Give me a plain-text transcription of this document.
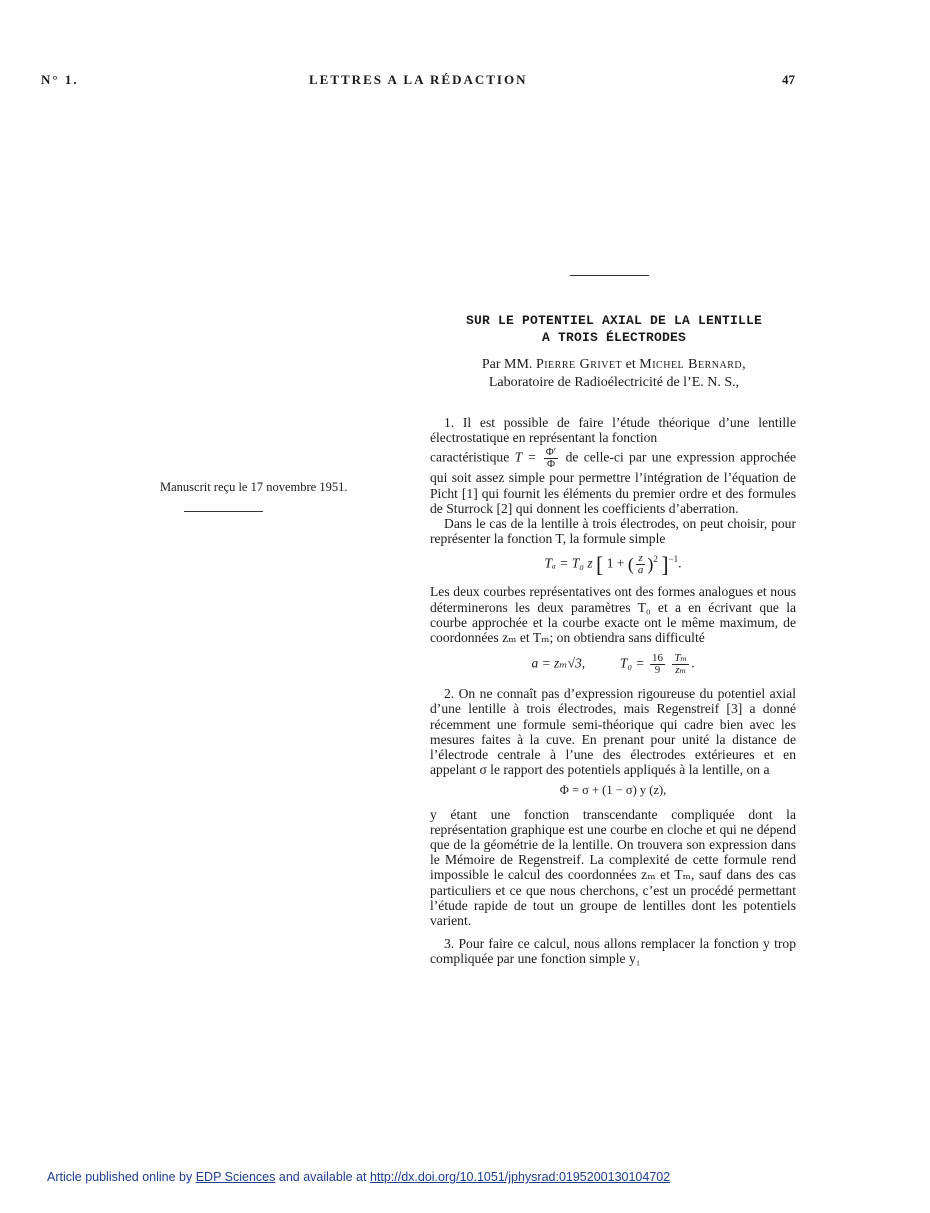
N° 1.	LETTRES A LA RÉDACTION	47
SUR LE POTENTIEL AXIAL DE LA LENTILLE
A TROIS ÉLECTRODES
Par MM. Pierre Grivet et Michel Bernard,
Laboratoire de Radioélectricité de l’E. N. S.,
Manuscrit reçu le 17 novembre 1951.

1. Il est possible de faire l’étude théorique d’une lentille électrostatique en représentant la fonction

caractéristique $T = \frac{\Phi'}{\Phi}$ de celle-ci par une expression approchée qui soit assez simple pour permettre l’intégration de l’équation de Picht [1] qui fournit les éléments du premier ordre et des formules de Sturrock [2] qui donnent les coefficients d’aberration.

Dans le cas de la lentille à trois électrodes, on peut choisir, pour représenter la fonction T, la formule simple

Tₐ = T₀ z [ 1 + ( $\frac{z}{a} )^2$ ]$^{-1}$.

Les deux courbes représentatives ont des formes analogues et nous déterminerons les deux paramètres T₀ et a en écrivant que la courbe approchée et la courbe exacte ont le même maximum, de coordonnées zₘ et Tₘ; on obtiendra sans difficulté

a = zₘ√3,	$T_0 = \frac{16}{9}$
$\frac{\text{Tₘ}}{\text{zₘ}}$ .

2. On ne connaît pas d’expression rigoureuse du potentiel axial d’une lentille à trois électrodes, mais Regenstreif [3] a donné récemment une formule semi-théorique qui cadre bien avec les mesures faites à la cuve. En prenant pour unité la distance de l’électrode centrale à l’une des électrodes extérieures et en appelant σ le rapport des potentiels appliqués à la lentille, on a

Φ = σ + (1 − σ) y (z),

y étant une fonction transcendante compliquée dont la représentation graphique est une courbe en cloche et qui ne dépend que de la géométrie de la lentille. On trouvera son expression dans le Mémoire de Regenstreif. La complexité de cette formule rend impossible le calcul des coordonnées zₘ et Tₘ, sauf dans des cas particuliers et ce que nous cherchons, c’est un procédé permettant l’étude rapide de tout un groupe de lentilles dont les potentiels varient.

3. Pour faire ce calcul, nous allons remplacer la fonction y trop compliquée par une fonction simple y₁

Article published online by EDP Sciences and available at http://dx.doi.org/10.1051/jphysrad:0195200130104702
